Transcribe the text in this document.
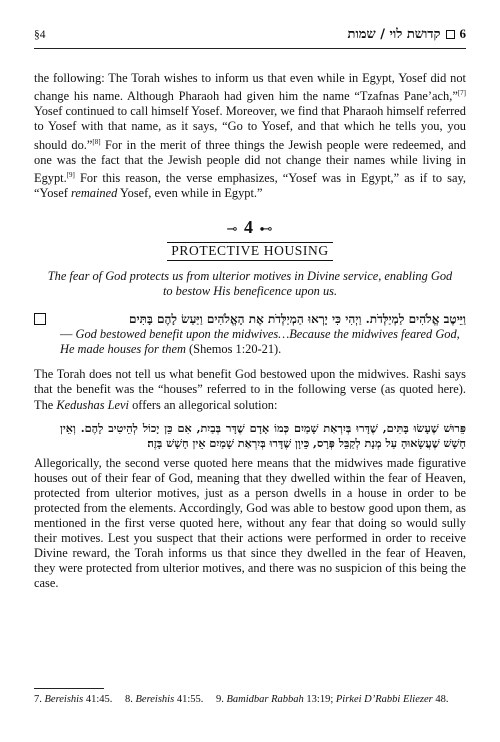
§4	קדושת לוי / שמות 6

the following: The Torah wishes to inform us that even while in Egypt, Yosef did not change his name. Although Pharaoh had given him the name “Tzafnas Pane’ach,”[7] Yosef continued to call himself Yosef. Moreover, we find that Pharaoh himself referred to Yosef with that name, as it says, “Go to Yosef, and that which he tells you, you should do.”[8] For in the merit of three things the Jewish people were redeemed, and one was the fact that the Jewish people did not change their names while living in Egypt.[9] For this reason, the verse emphasizes, “Yosef was in Egypt,” as if to say, “Yosef remained Yosef, even while in Egypt.”

⊸ 4 ⊷
PROTECTIVE HOUSING

The fear of God protects us from ulterior motives in Divine service, enabling God to bestow His beneficence upon us.

וַיֵּיטֶב אֱלֹהִים לַמְיַלְּדֹת. וַיְהִי כִּי יָרְאוּ הַמְיַלְּדֹת אֶת הָאֱלֹהִים וַיַּעַשׂ לָהֶם בָּתִּים
— God bestowed benefit upon the midwives…Because the midwives feared God, He made houses for them (Shemos 1:20-21).

The Torah does not tell us what benefit God bestowed upon the midwives. Rashi says that the benefit was the “houses” referred to in the following verse (as quoted here). The Kedushas Levi offers an allegorical solution:

פֵּרוּשׁ שֶׁעָשׂוּ בָּתִּים, שֶׁדָּרוּ בְּיִרְאַת שָׁמַיִם כְּמוֹ אָדָם שֶׁדָּר בְּבַיִת, אִם כֵּן יָכוֹל לְהֵיטִיב לָהֶם. וְאֵין חָשָׁשׁ שֶׁעֲשָׂאוּהָ עַל מְנָת לְקַבֵּל פְּרָס, כֵּיוָן שֶׁדָּרוּ בְּיִרְאַת שָׁמַיִם אֵין חָשָׁשׁ בָּזֶה׃

Allegorically, the second verse quoted here means that the midwives made figurative houses out of their fear of God, meaning that they dwelled within the fear of Heaven, protected from ulterior motives, just as a person dwells in a house in order to be protected from the elements. Accordingly, God was able to bestow good upon them, as mentioned in the first verse quoted here, without any fear that doing so would sully their motives. Lest you suspect that their actions were performed in order to receive Divine reward, the Torah informs us that since they dwelled in the fear of Heaven, they were protected from ulterior motives, and there was no suspicion of this being the case.

7. Bereishis 41:45. 8. Bereishis 41:55. 9. Bamidbar Rabbah 13:19; Pirkei D’Rabbi Eliezer 48.
